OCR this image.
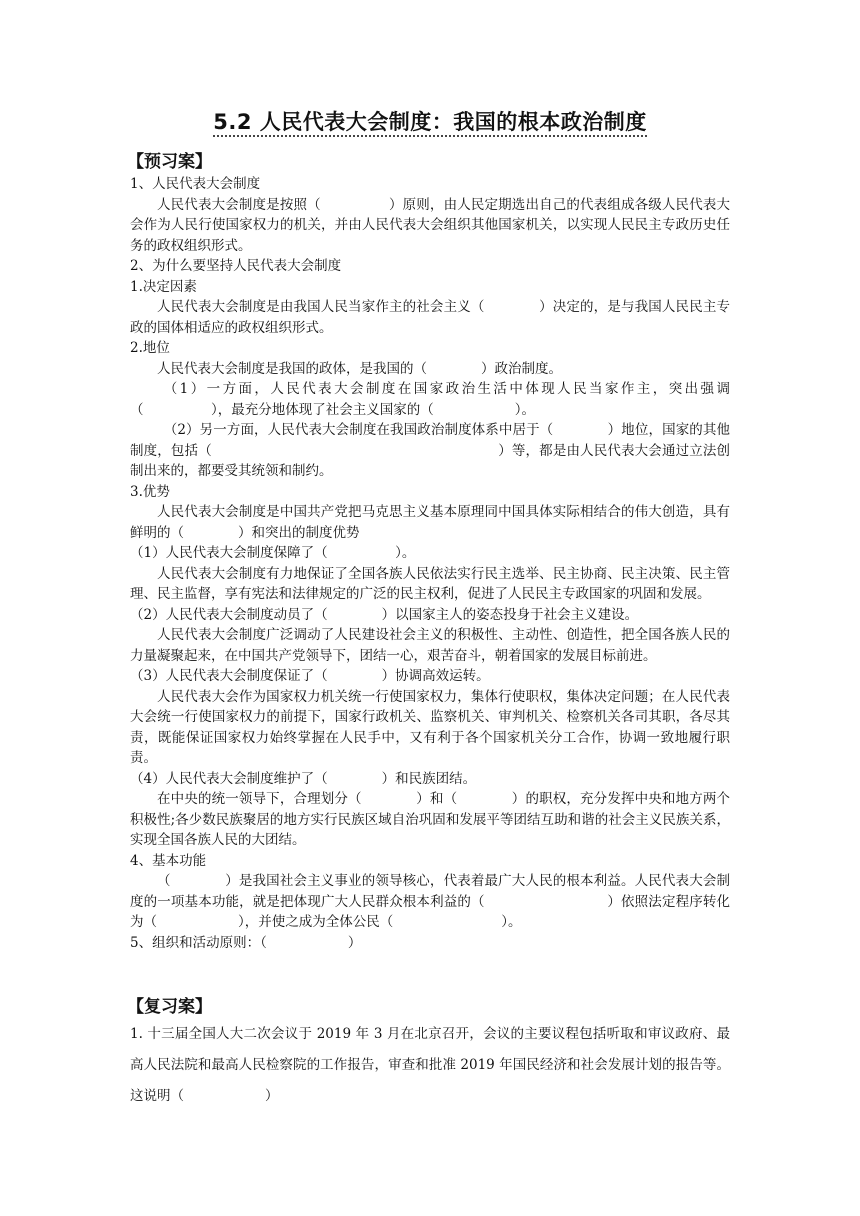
5.2 人民代表大会制度：我国的根本政治制度
【预习案】

1、人民代表大会制度

人民代表大会制度是按照（　　　　　）原则，由人民定期选出自己的代表组成各级人民代表大会作为人民行使国家权力的机关，并由人民代表大会组织其他国家机关，以实现人民民主专政历史任务的政权组织形式。

2、为什么要坚持人民代表大会制度

1.决定因素

人民代表大会制度是由我国人民当家作主的社会主义（　　　　）决定的，是与我国人民民主专政的国体相适应的政权组织形式。

2.地位

人民代表大会制度是我国的政体，是我国的（　　　　）政治制度。

（1）一方面，人民代表大会制度在国家政治生活中体现人民当家作主，突出强调（　　　　　），最充分地体现了社会主义国家的（　　　　　　）。

（2）另一方面，人民代表大会制度在我国政治制度体系中居于（　　　　）地位，国家的其他制度，包括（　　　　　　　　　　　　　　　　　　　　　）等，都是由人民代表大会通过立法创制出来的，都要受其统领和制约。

3.优势

人民代表大会制度是中国共产党把马克思主义基本原理同中国具体实际相结合的伟大创造，具有鲜明的（　　　　）和突出的制度优势

（1）人民代表大会制度保障了（　　　　　）。

人民代表大会制度有力地保证了全国各族人民依法实行民主选举、民主协商、民主决策、民主管理、民主监督，享有宪法和法律规定的广泛的民主权利，促进了人民民主专政国家的巩固和发展。

（2）人民代表大会制度动员了（　　　　）以国家主人的姿态投身于社会主义建设。

人民代表大会制度广泛调动了人民建设社会主义的积极性、主动性、创造性，把全国各族人民的力量凝聚起来，在中国共产党领导下，团结一心，艰苦奋斗，朝着国家的发展目标前进。

（3）人民代表大会制度保证了（　　　　）协调高效运转。

人民代表大会作为国家权力机关统一行使国家权力，集体行使职权，集体决定问题；在人民代表大会统一行使国家权力的前提下，国家行政机关、监察机关、审判机关、检察机关各司其职，各尽其责，既能保证国家权力始终掌握在人民手中，又有利于各个国家机关分工合作，协调一致地履行职责。

（4）人民代表大会制度维护了（　　　　）和民族团结。

在中央的统一领导下，合理划分（　　　　）和（　　　　）的职权，充分发挥中央和地方两个积极性;各少数民族聚居的地方实行民族区域自治巩固和发展平等团结互助和谐的社会主义民族关系，实现全国各族人民的大团结。

4、基本功能

（　　　　）是我国社会主义事业的领导核心，代表着最广大人民的根本利益。人民代表大会制度的一项基本功能，就是把体现广大人民群众根本利益的（　　　　　　　　　）依照法定程序转化为（　　　　　　），并使之成为全体公民（　　　　　　　　）。

5、组织和活动原则：（　　　　　　）

【复习案】

1. 十三届全国人大二次会议于 2019 年 3 月在北京召开，会议的主要议程包括听取和审议政府、最高人民法院和最高人民检察院的工作报告，审查和批准 2019 年国民经济和社会发展计划的报告等。这说明（　　　　　　）
